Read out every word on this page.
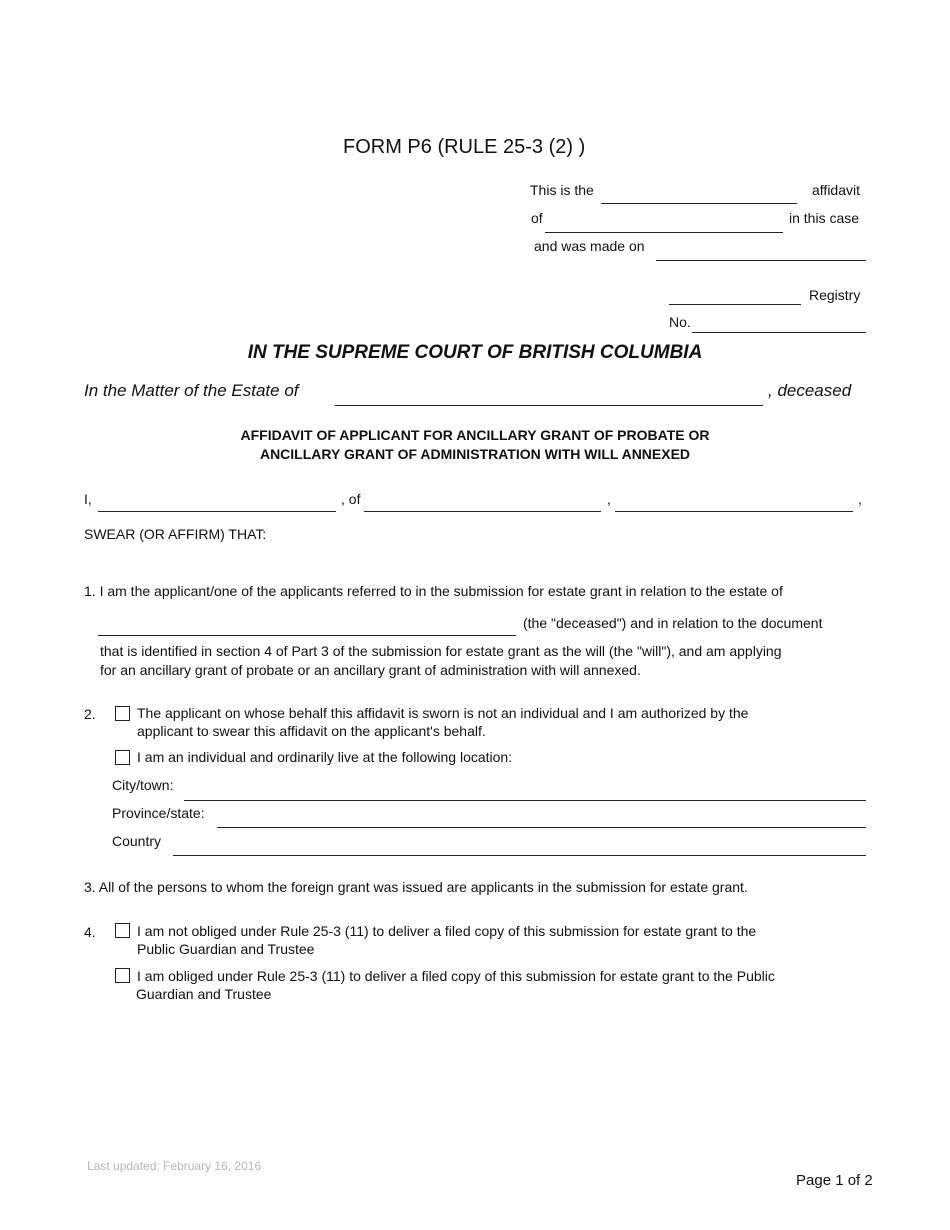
FORM P6 (RULE 25-3 (2) )
This is the	affidavit
of	in this case
and was made on
Registry
No.
IN THE SUPREME COURT OF BRITISH COLUMBIA
In the Matter of the Estate of	, deceased
AFFIDAVIT OF APPLICANT FOR ANCILLARY GRANT OF PROBATE OR
ANCILLARY GRANT OF ADMINISTRATION WITH WILL ANNEXED
I,	, of	,	,
SWEAR (OR AFFIRM) THAT:
1. I am the applicant/one of the applicants referred to in the submission for estate grant in relation to the estate of
(the "deceased") and in relation to the document
that is identified in section 4 of Part 3 of the submission for estate grant as the will (the "will"), and am applying
for an ancillary grant of probate or an ancillary grant of administration with will annexed.
2.	The applicant on whose behalf this affidavit is sworn is not an individual and I am authorized by the
applicant to swear this affidavit on the applicant's behalf.
I am an individual and ordinarily live at the following location:
City/town:
Province/state:
Country
3. All of the persons to whom the foreign grant was issued are applicants in the submission for estate grant.
4.	I am not obliged under Rule 25-3 (11) to deliver a filed copy of this submission for estate grant to the
Public Guardian and Trustee
I am obliged under Rule 25-3 (11) to deliver a filed copy of this submission for estate grant to the Public
Guardian and Trustee
Last updated: February 16, 2016
Page 1 of 2
